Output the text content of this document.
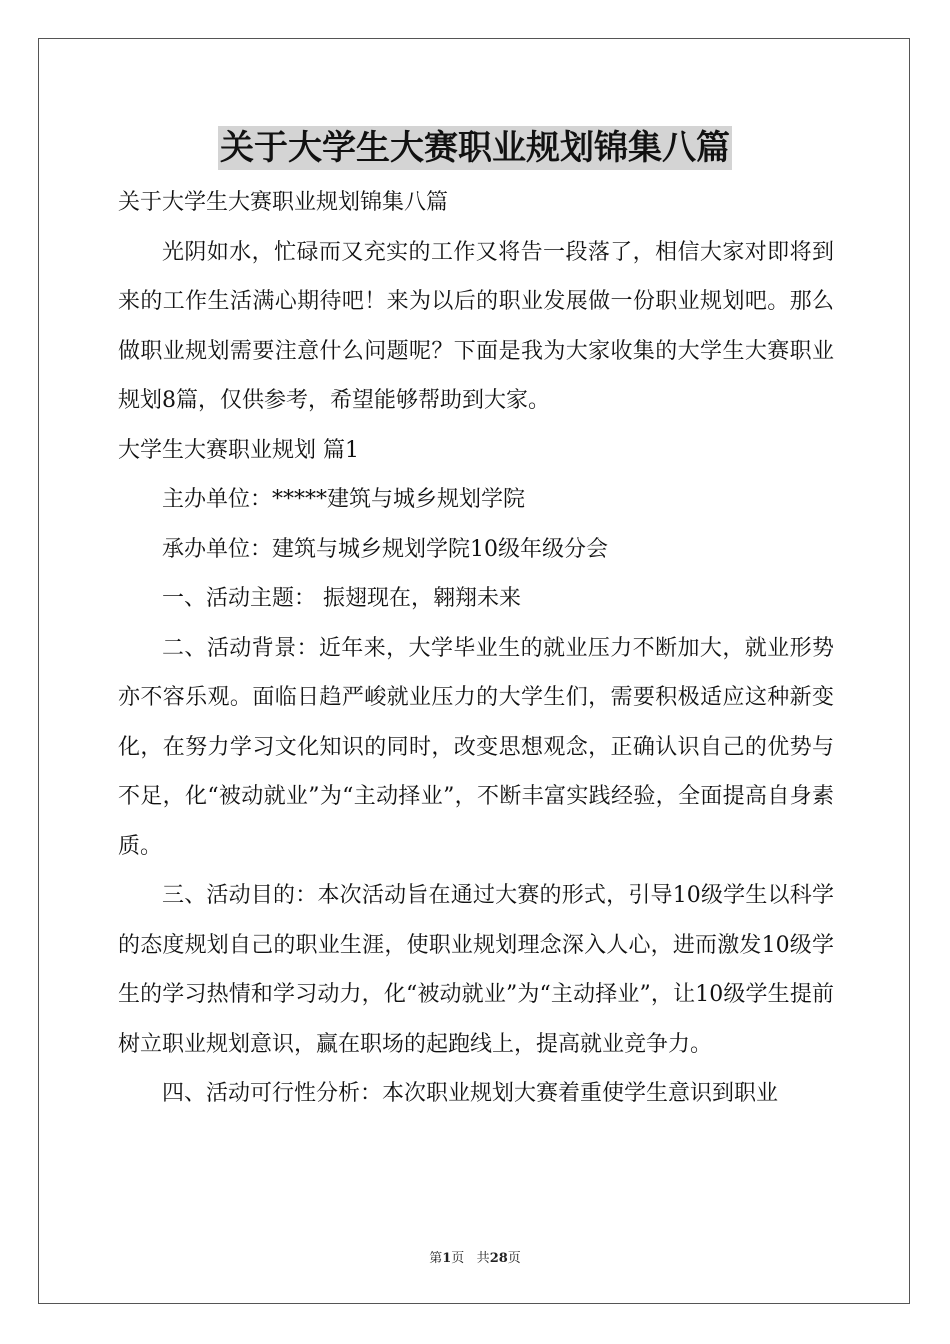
关于大学生大赛职业规划锦集八篇

关于大学生大赛职业规划锦集八篇

光阴如水，忙碌而又充实的工作又将告一段落了，相信大家对即将到来的工作生活满心期待吧！来为以后的职业发展做一份职业规划吧。那么做职业规划需要注意什么问题呢？下面是我为大家收集的大学生大赛职业规划8篇，仅供参考，希望能够帮助到大家。

大学生大赛职业规划 篇1

主办单位：*****建筑与城乡规划学院

承办单位：建筑与城乡规划学院10级年级分会

一、活动主题： 振翅现在，翱翔未来

二、活动背景：近年来，大学毕业生的就业压力不断加大，就业形势亦不容乐观。面临日趋严峻就业压力的大学生们，需要积极适应这种新变化，在努力学习文化知识的同时，改变思想观念，正确认识自己的优势与不足，化“被动就业”为“主动择业”，不断丰富实践经验，全面提高自身素质。

三、活动目的：本次活动旨在通过大赛的形式，引导10级学生以科学的态度规划自己的职业生涯，使职业规划理念深入人心，进而激发10级学生的学习热情和学习动力，化“被动就业”为“主动择业”，让10级学生提前树立职业规划意识，赢在职场的起跑线上，提高就业竞争力。

四、活动可行性分析：本次职业规划大赛着重使学生意识到职业

第1页 共28页
